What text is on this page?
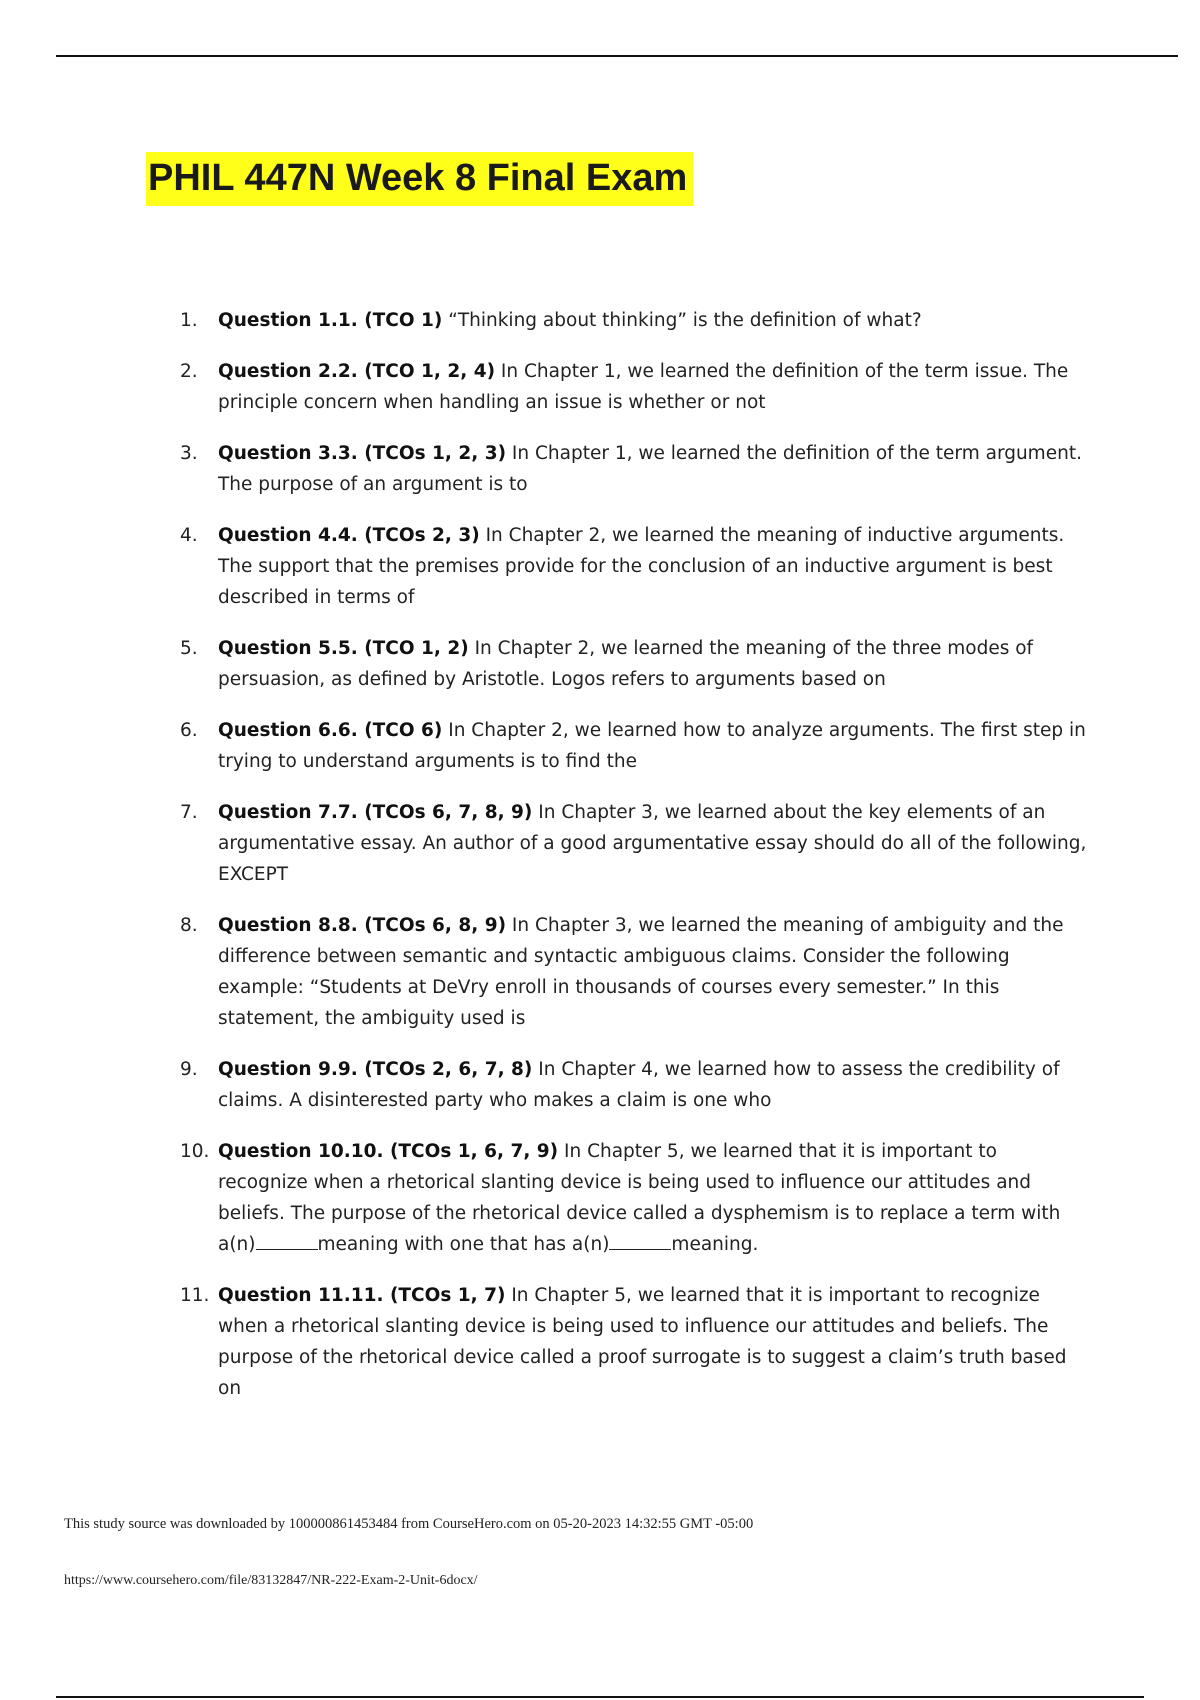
PHIL 447N Week 8 Final Exam
1.	Question 1.1. (TCO 1) “Thinking about thinking” is the definition of what?
2.	Question 2.2. (TCO 1, 2, 4) In Chapter 1, we learned the definition of the term issue. The principle concern when handling an issue is whether or not
3.	Question 3.3. (TCOs 1, 2, 3) In Chapter 1, we learned the definition of the term argument. The purpose of an argument is to
4.	Question 4.4. (TCOs 2, 3) In Chapter 2, we learned the meaning of inductive arguments. The support that the premises provide for the conclusion of an inductive argument is best described in terms of
5.	Question 5.5. (TCO 1, 2) In Chapter 2, we learned the meaning of the three modes of persuasion, as defined by Aristotle. Logos refers to arguments based on
6.	Question 6.6. (TCO 6) In Chapter 2, we learned how to analyze arguments. The first step in trying to understand arguments is to find the
7.	Question 7.7. (TCOs 6, 7, 8, 9) In Chapter 3, we learned about the key elements of an argumentative essay. An author of a good argumentative essay should do all of the following, EXCEPT
8.	Question 8.8. (TCOs 6, 8, 9) In Chapter 3, we learned the meaning of ambiguity and the difference between semantic and syntactic ambiguous claims. Consider the following example: “Students at DeVry enroll in thousands of courses every semester.” In this statement, the ambiguity used is
9.	Question 9.9. (TCOs 2, 6, 7, 8) In Chapter 4, we learned how to assess the credibility of claims. A disinterested party who makes a claim is one who
10. Question 10.10. (TCOs 1, 6, 7, 9) In Chapter 5, we learned that it is important to recognize when a rhetorical slanting device is being used to influence our attitudes and beliefs. The purpose of the rhetorical device called a dysphemism is to replace a term with a(n)	meaning with one that has a(n)	meaning.
11. Question 11.11. (TCOs 1, 7) In Chapter 5, we learned that it is important to recognize when a rhetorical slanting device is being used to influence our attitudes and beliefs. The purpose of the rhetorical device called a proof surrogate is to suggest a claim’s truth based on
This study source was downloaded by 100000861453484 from CourseHero.com on 05-20-2023 14:32:55 GMT -05:00
https://www.coursehero.com/file/83132847/NR-222-Exam-2-Unit-6docx/
